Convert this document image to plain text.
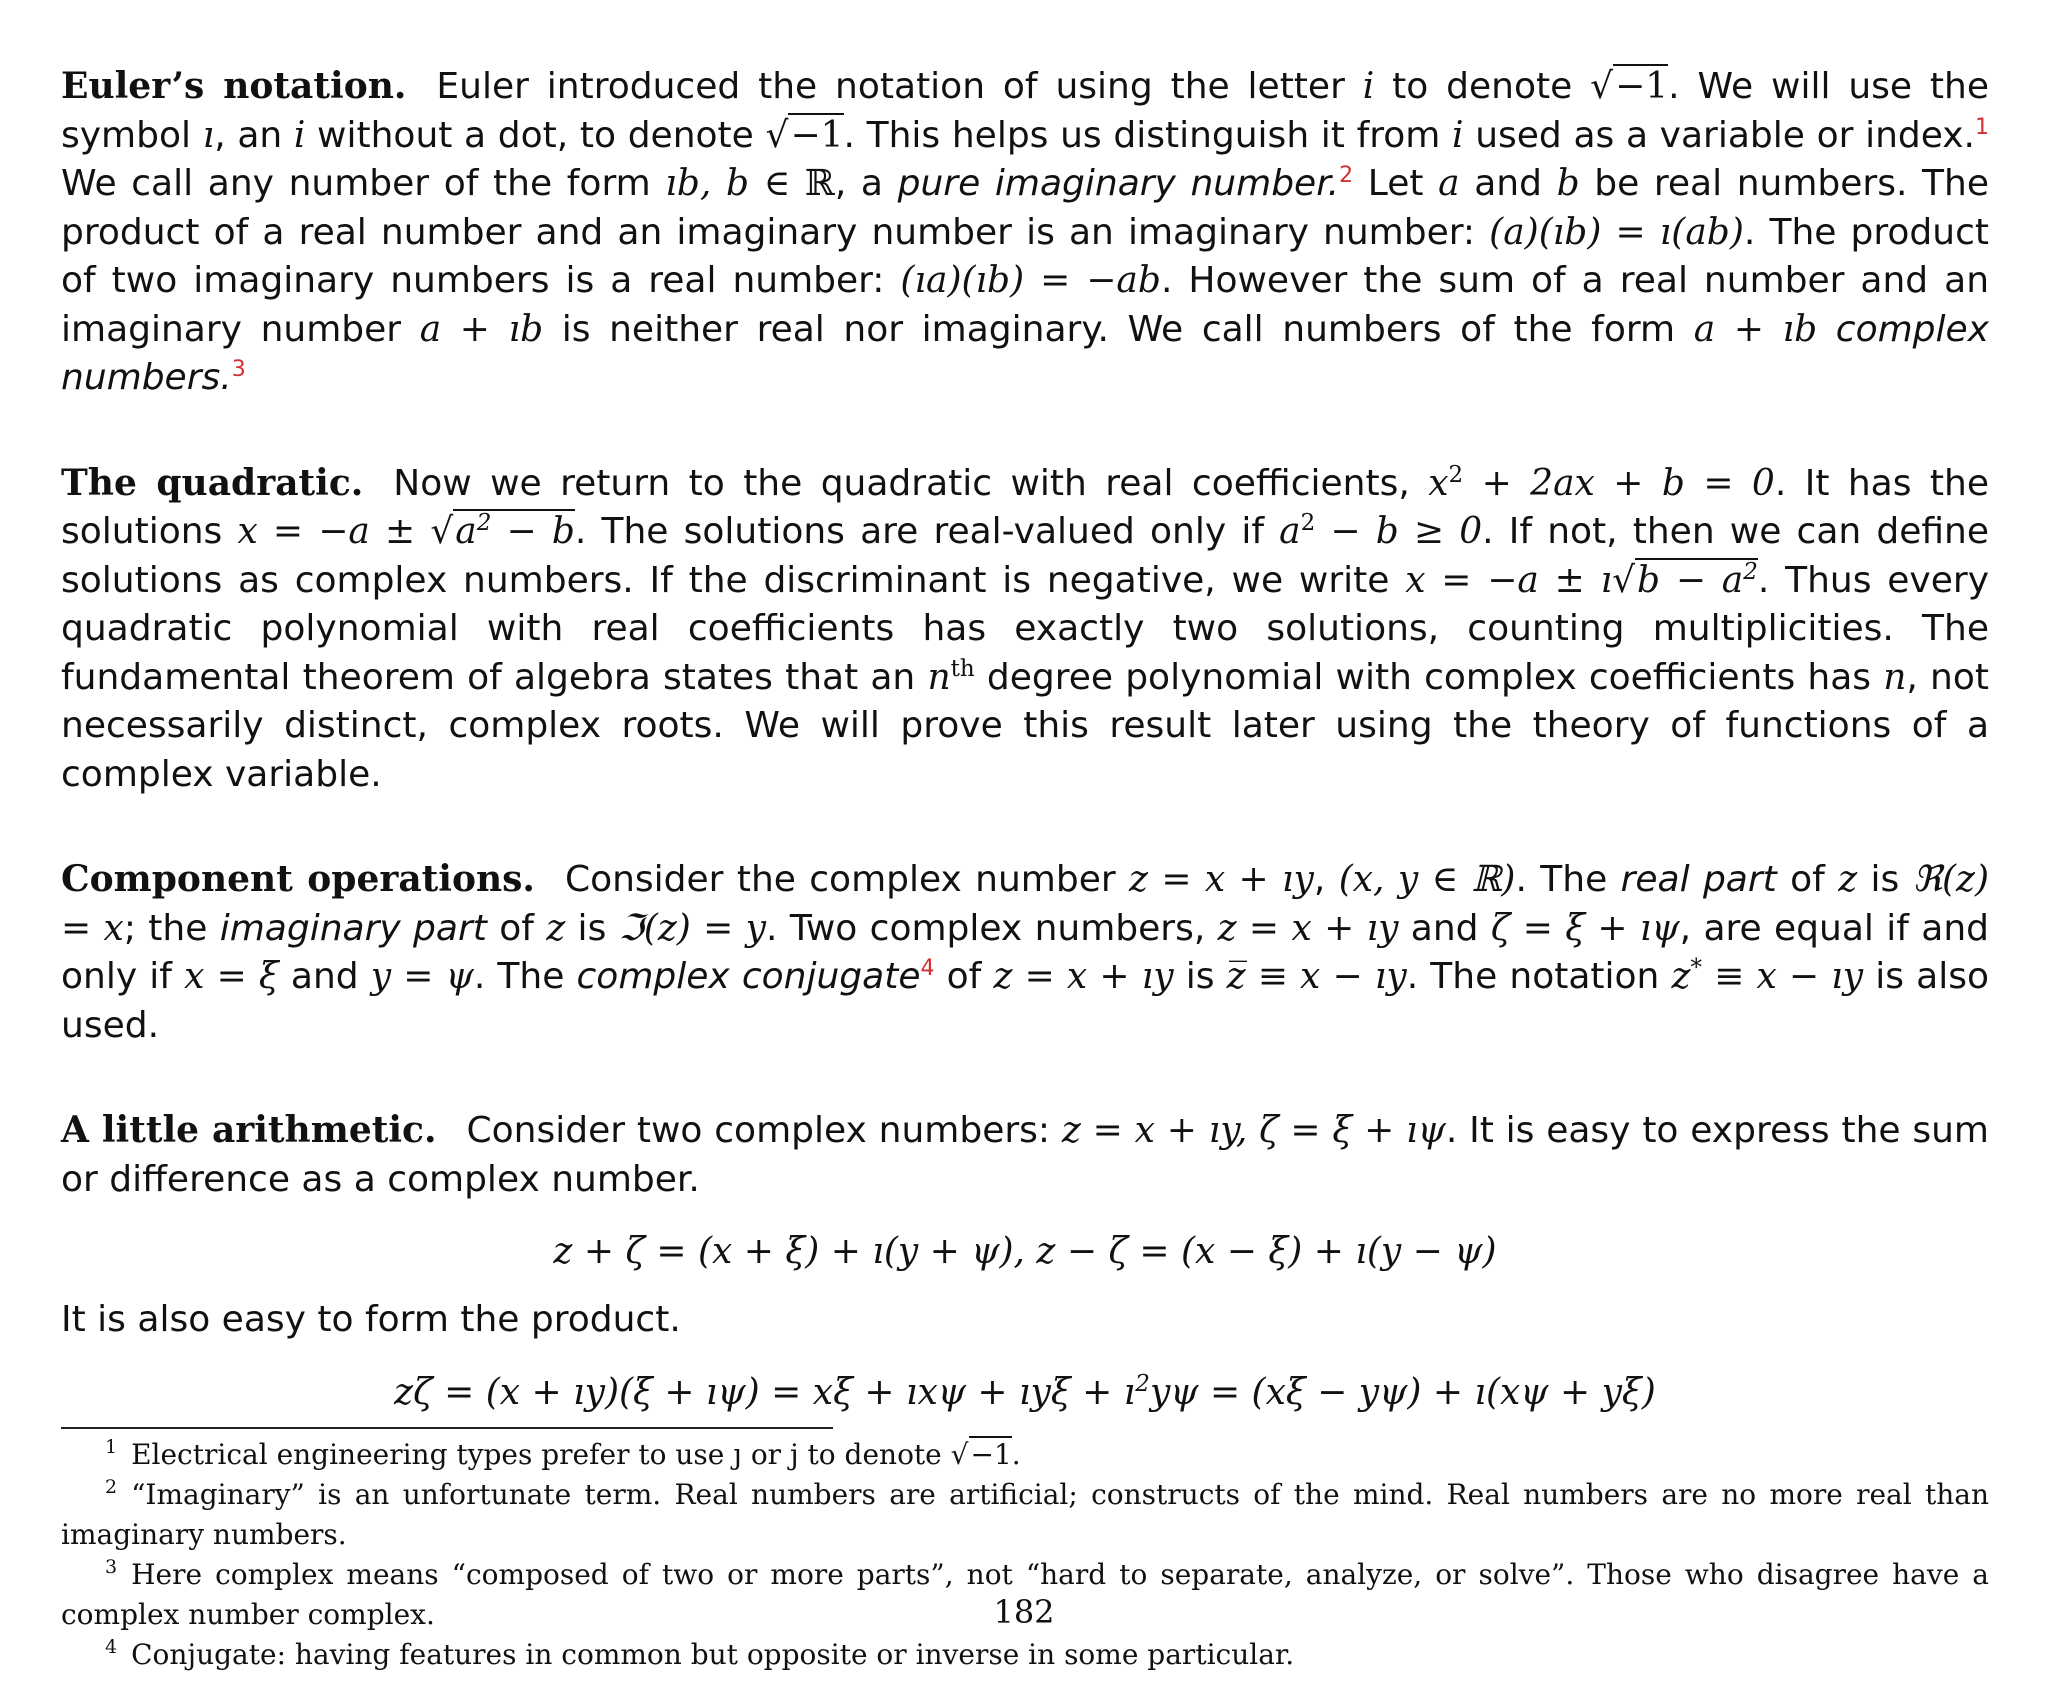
Euler’s notation. Euler introduced the notation of using the letter i to denote √−1. We will use the symbol ı, an i without a dot, to denote √−1. This helps us distinguish it from i used as a variable or index.$^1$ We call any number of the form ıb, b ∈ ℝ, a pure imaginary number.$^2$ Let a and b be real numbers. The product of a real number and an imaginary number is an imaginary number: (a)(ıb) = ı(ab). The product of two imaginary numbers is a real number: (ıa)(ıb) = −ab. However the sum of a real number and an imaginary number a + ıb is neither real nor imaginary. We call numbers of the form a + ıb complex numbers.$^3$

The quadratic. Now we return to the quadratic with real coefficients, $x^2 + 2ax + b = 0$. It has the solutions $x = -a \pm √a^2 - b$. The solutions are real-valued only if $a^2 - b \ge 0$. If not, then we can define solutions as complex numbers. If the discriminant is negative, we write x = −a ± ı√b − $a^2$. Thus every quadratic polynomial with real coefficients has exactly two solutions, counting multiplicities. The fundamental theorem of algebra states that an $n^{th}$ degree polynomial with complex coefficients has n, not necessarily distinct, complex roots. We will prove this result later using the theory of functions of a complex variable.

Component operations. Consider the complex number z = x + ıy, (x, y ∈ ℝ). The real part of z is ℜ(z) = x; the imaginary part of z is ℑ(z) = y. Two complex numbers, z = x + ıy and ζ = ξ + ıψ, are equal if and only if x = ξ and y = ψ. The complex conjugate$^4$ of z = x + ıy is z̅ ≡ x − ıy. The notation z* ≡ x − ıy is also used.

A little arithmetic. Consider two complex numbers: z = x + ıy, ζ = ξ + ıψ. It is easy to express the sum or difference as a complex number.

z + ζ = (x + ξ) + ı(y + ψ), z − ζ = (x − ξ) + ı(y − ψ)

It is also easy to form the product.

zζ = (x + ıy)(ξ + ıψ) = xξ + ıxψ + ıyξ + $ı^2y\psi = (x\xi - y\psi)$ + ı(xψ + yξ)

$^1$ Electrical engineering types prefer to use ȷ or j to denote √−1.

$^2$ “Imaginary” is an unfortunate term. Real numbers are artificial; constructs of the mind. Real numbers are no more real than imaginary numbers.

$^3$ Here complex means “composed of two or more parts”, not “hard to separate, analyze, or solve”. Those who disagree have a complex number complex.

$^4$ Conjugate: having features in common but opposite or inverse in some particular.

182
